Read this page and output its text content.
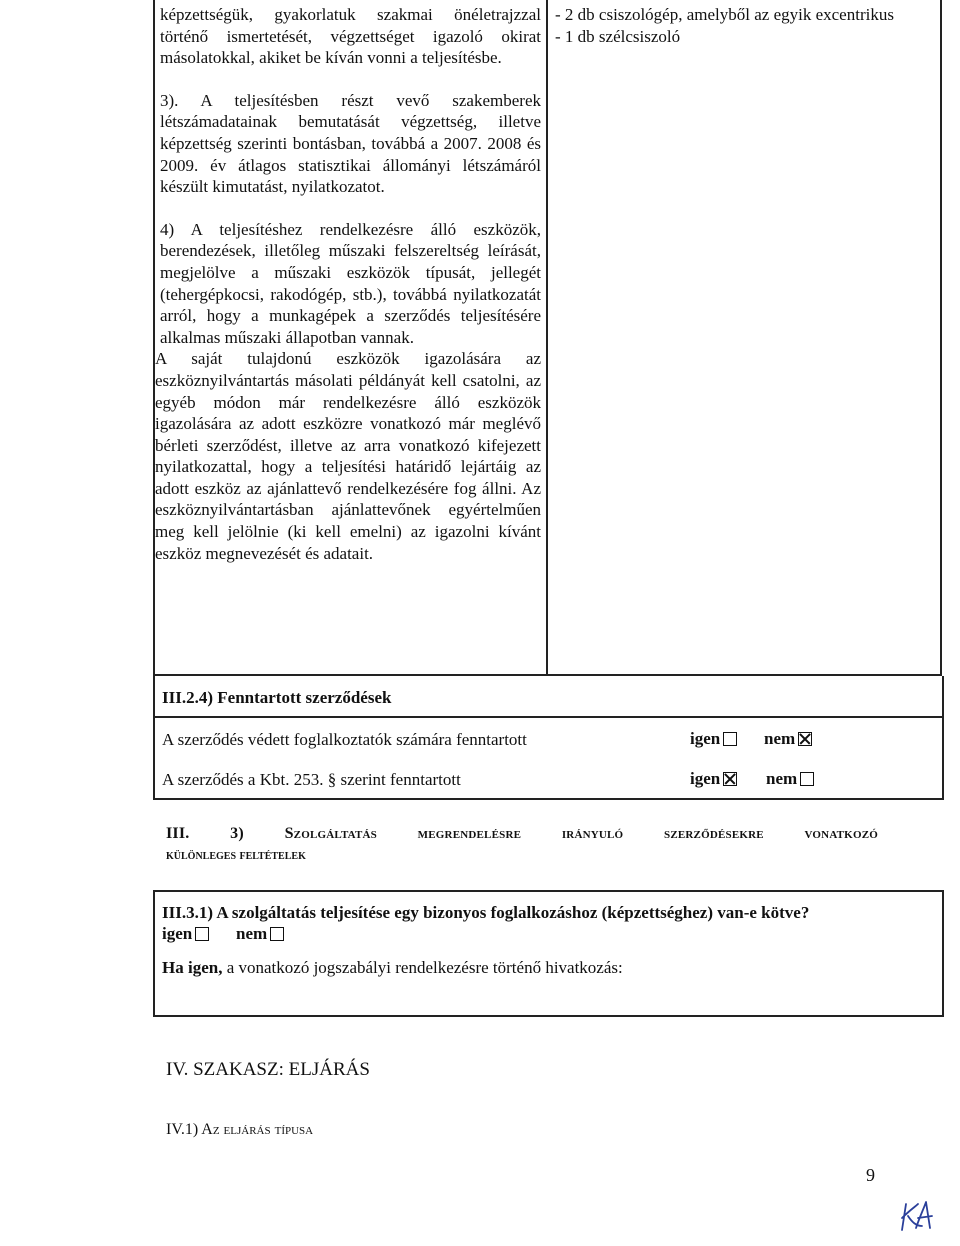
képzettségük, gyakorlatuk szakmai önéletrajzzal történő ismertetését, végzettséget igazoló okirat másolatokkal, akiket be kíván vonni a teljesítésbe.

3). A teljesítésben részt vevő szakemberek létszámadatainak bemutatását végzettség, illetve képzettség szerinti bontásban, továbbá a 2007. 2008 és 2009. év átlagos statisztikai állományi létszámáról készült kimutatást, nyilatkozatot.

4) A teljesítéshez rendelkezésre álló eszközök, berendezések, illetőleg műszaki felszereltség leírását, megjelölve a műszaki eszközök típusát, jellegét (tehergépkocsi, rakodógép, stb.), továbbá nyilatkozatát arról, hogy a munkagépek a szerződés teljesítésére alkalmas műszaki állapotban vannak.

A saját tulajdonú eszközök igazolására az eszköznyilvántartás másolati példányát kell csatolni, az egyéb módon már rendelkezésre álló eszközök igazolására az adott eszközre vonatkozó már meglévő bérleti szerződést, illetve az arra vonatkozó kifejezett nyilatkozattal, hogy a teljesítési határidő lejártáig az adott eszköz az ajánlattevő rendelkezésére fog állni. Az eszköznyilvántartásban ajánlattevőnek egyértelműen meg kell jelölnie (ki kell emelni) az igazolni kívánt eszköz megnevezését és adatait.

- 2 db csiszológép, amelyből az egyik excentrikus
- 1 db szélcsiszoló
III.2.4) Fenntartott szerződések
A szerződés védett foglalkoztatók számára fenntartott	igen	nem
A szerződés a Kbt. 253. § szerint fenntartott	igen	nem
III. 3) Szolgáltatás megrendelésre irányuló szerződésekre vonatkozó
különleges feltételek
III.3.1) A szolgáltatás teljesítése egy bizonyos foglalkozáshoz (képzettséghez) van-e kötve?
igen	nem
Ha igen, a vonatkozó jogszabályi rendelkezésre történő hivatkozás:
IV. SZAKASZ: ELJÁRÁS
IV.1) Az eljárás típusa
9
